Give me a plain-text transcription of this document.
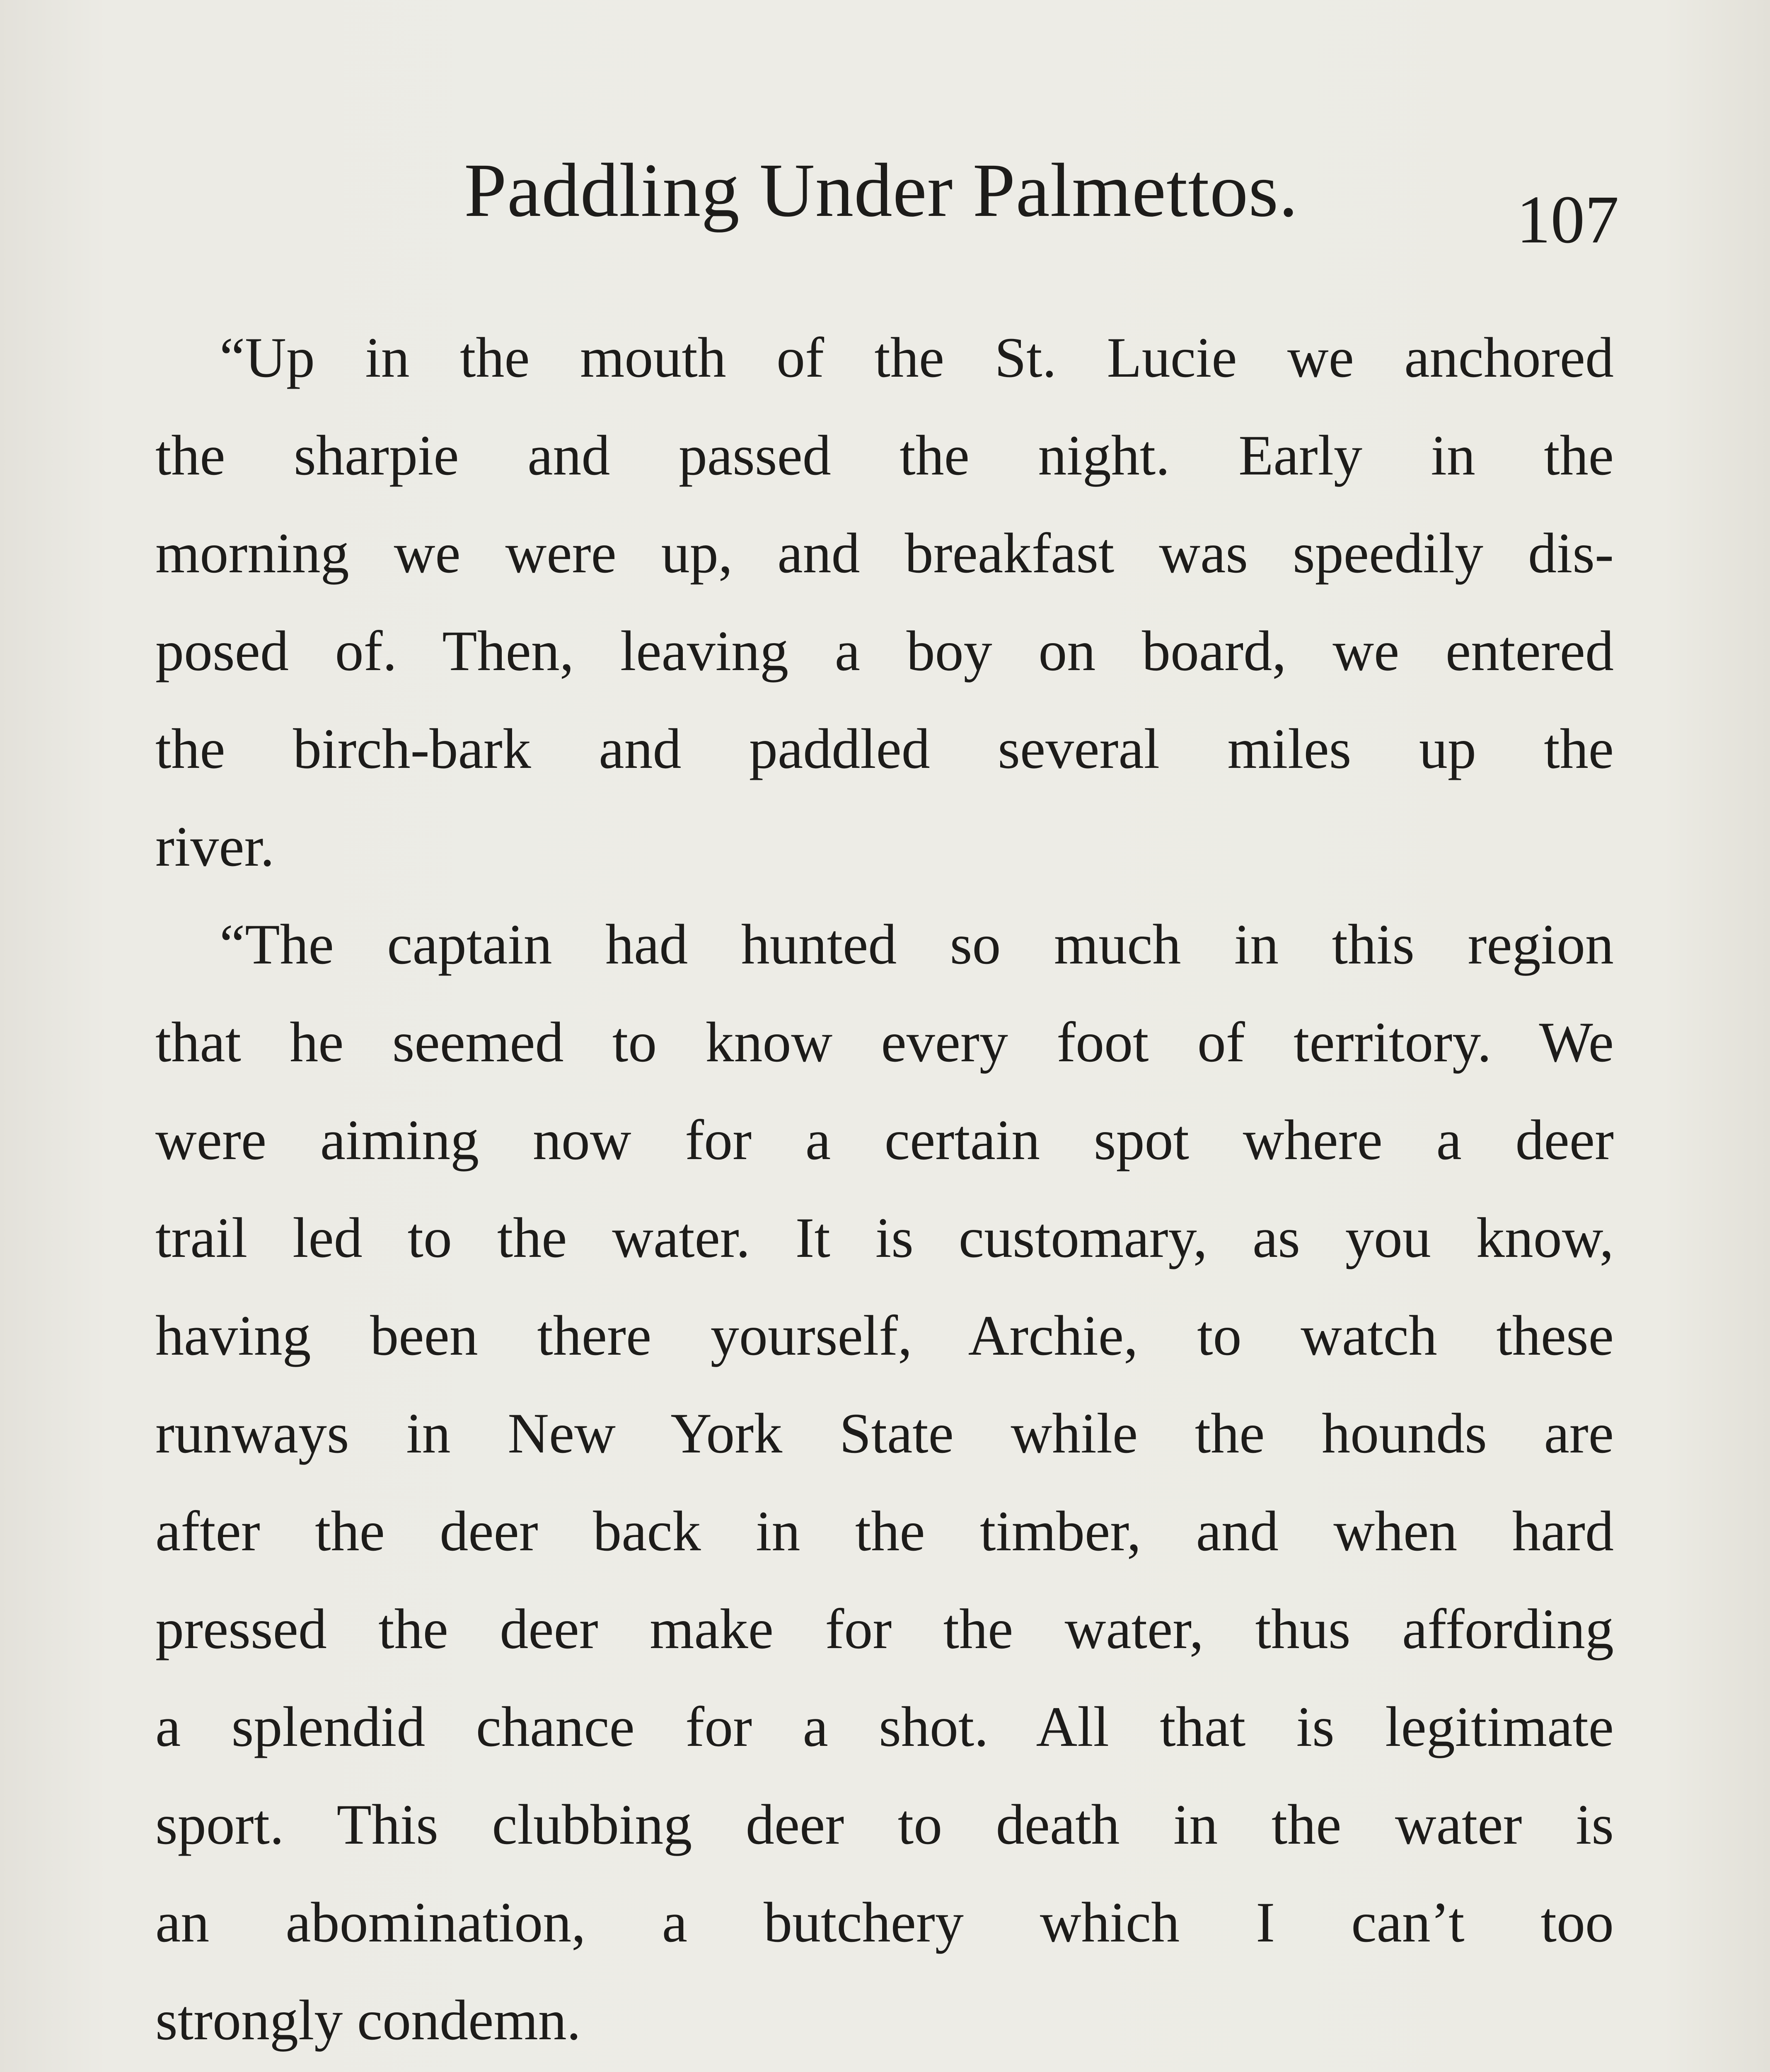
Paddling Under Palmettos.	107
“Up in the mouth of the St. Lucie we anchored
the sharpie and passed the night. Early in the
morning we were up, and breakfast was speedily dis-
posed of. Then, leaving a boy on board, we entered
the birch-bark and paddled several miles up the
river.
“The captain had hunted so much in this region
that he seemed to know every foot of territory. We
were aiming now for a certain spot where a deer
trail led to the water. It is customary, as you know,
having been there yourself, Archie, to watch these
runways in New York State while the hounds are
after the deer back in the timber, and when hard
pressed the deer make for the water, thus affording
a splendid chance for a shot. All that is legitimate
sport. This clubbing deer to death in the water is
an abomination, a butchery which I can’t too
strongly condemn.
